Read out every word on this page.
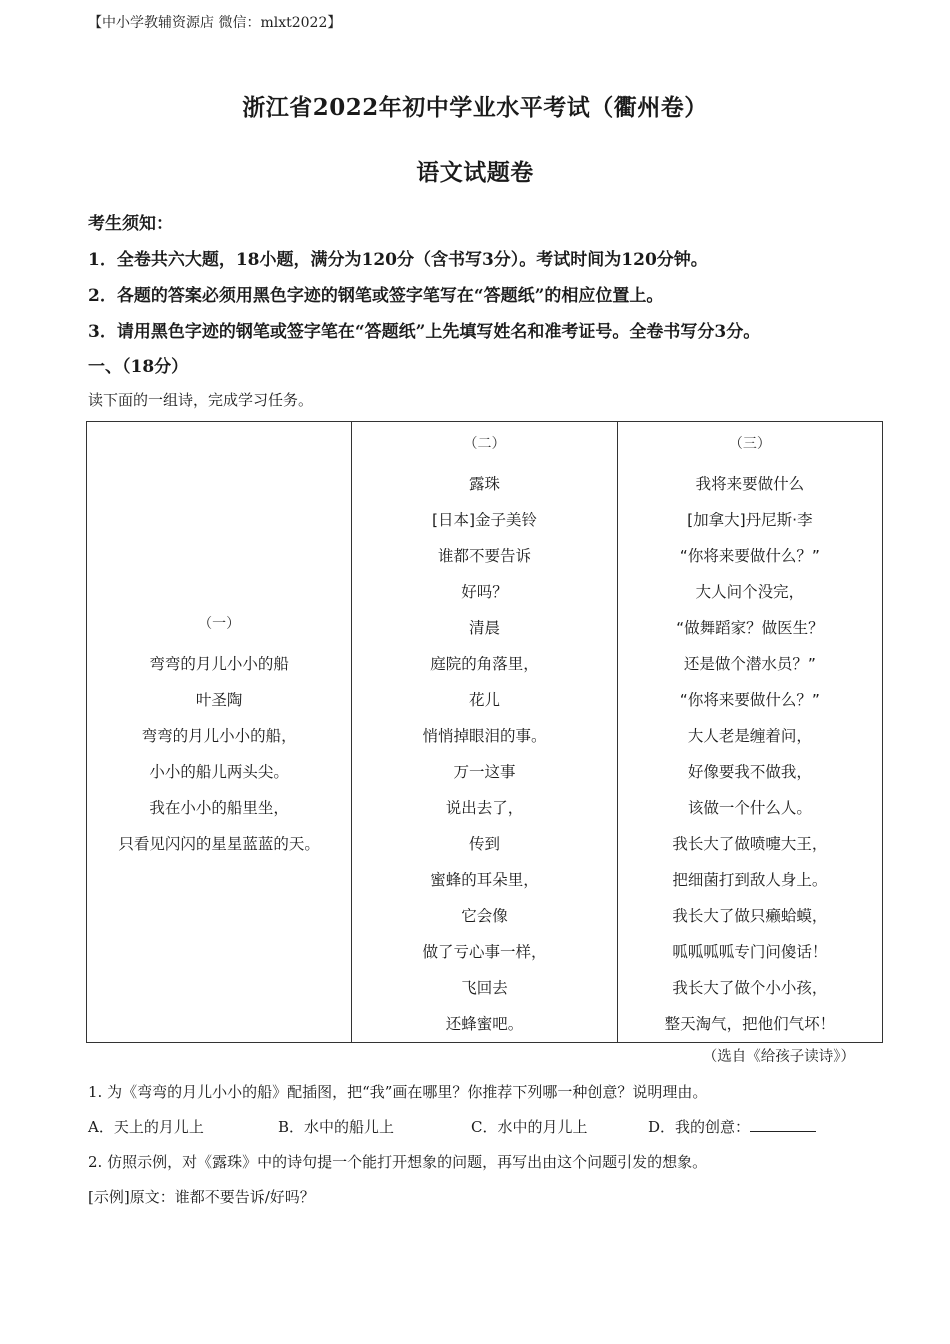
【中小学教辅资源店 微信：mlxt2022】
浙江省2022年初中学业水平考试（衢州卷）
语文试题卷
考生须知：
1．全卷共六大题，18小题，满分为120分（含书写3分）。考试时间为120分钟。
2．各题的答案必须用黑色字迹的钢笔或签字笔写在“答题纸”的相应位置上。
3．请用黑色字迹的钢笔或签字笔在“答题纸”上先填写姓名和准考证号。全卷书写分3分。
一、（18分）
读下面的一组诗，完成学习任务。
（一）
弯弯的月儿小小的船
叶圣陶
弯弯的月儿小小的船，
小小的船儿两头尖。
我在小小的船里坐，
只看见闪闪的星星蓝蓝的天。

（二）
露珠
[日本]金子美铃
谁都不要告诉
好吗？
清晨
庭院的角落里，
花儿
悄悄掉眼泪的事。
万一这事
说出去了，
传到
蜜蜂的耳朵里，
它会像
做了亏心事一样，
飞回去
还蜂蜜吧。

（三）
我将来要做什么
[加拿大]丹尼斯·李
“你将来要做什么？”
大人问个没完，
“做舞蹈家？做医生？
还是做个潜水员？”
“你将来要做什么？”
大人老是缠着问，
好像要我不做我，
该做一个什么人。
我长大了做喷嚏大王，
把细菌打到敌人身上。
我长大了做只癞蛤蟆，
呱呱呱呱专门问傻话！
我长大了做个小小孩，
整天淘气，把他们气坏！
（选自《给孩子读诗》）
1. 为《弯弯的月儿小小的船》配插图，把“我”画在哪里？你推荐下列哪一种创意？说明理由。
A．天上的月儿上	B．水中的船儿上	C．水中的月儿上	D．我的创意：
2. 仿照示例，对《露珠》中的诗句提一个能打开想象的问题，再写出由这个问题引发的想象。
[示例]原文：谁都不要告诉/好吗？
